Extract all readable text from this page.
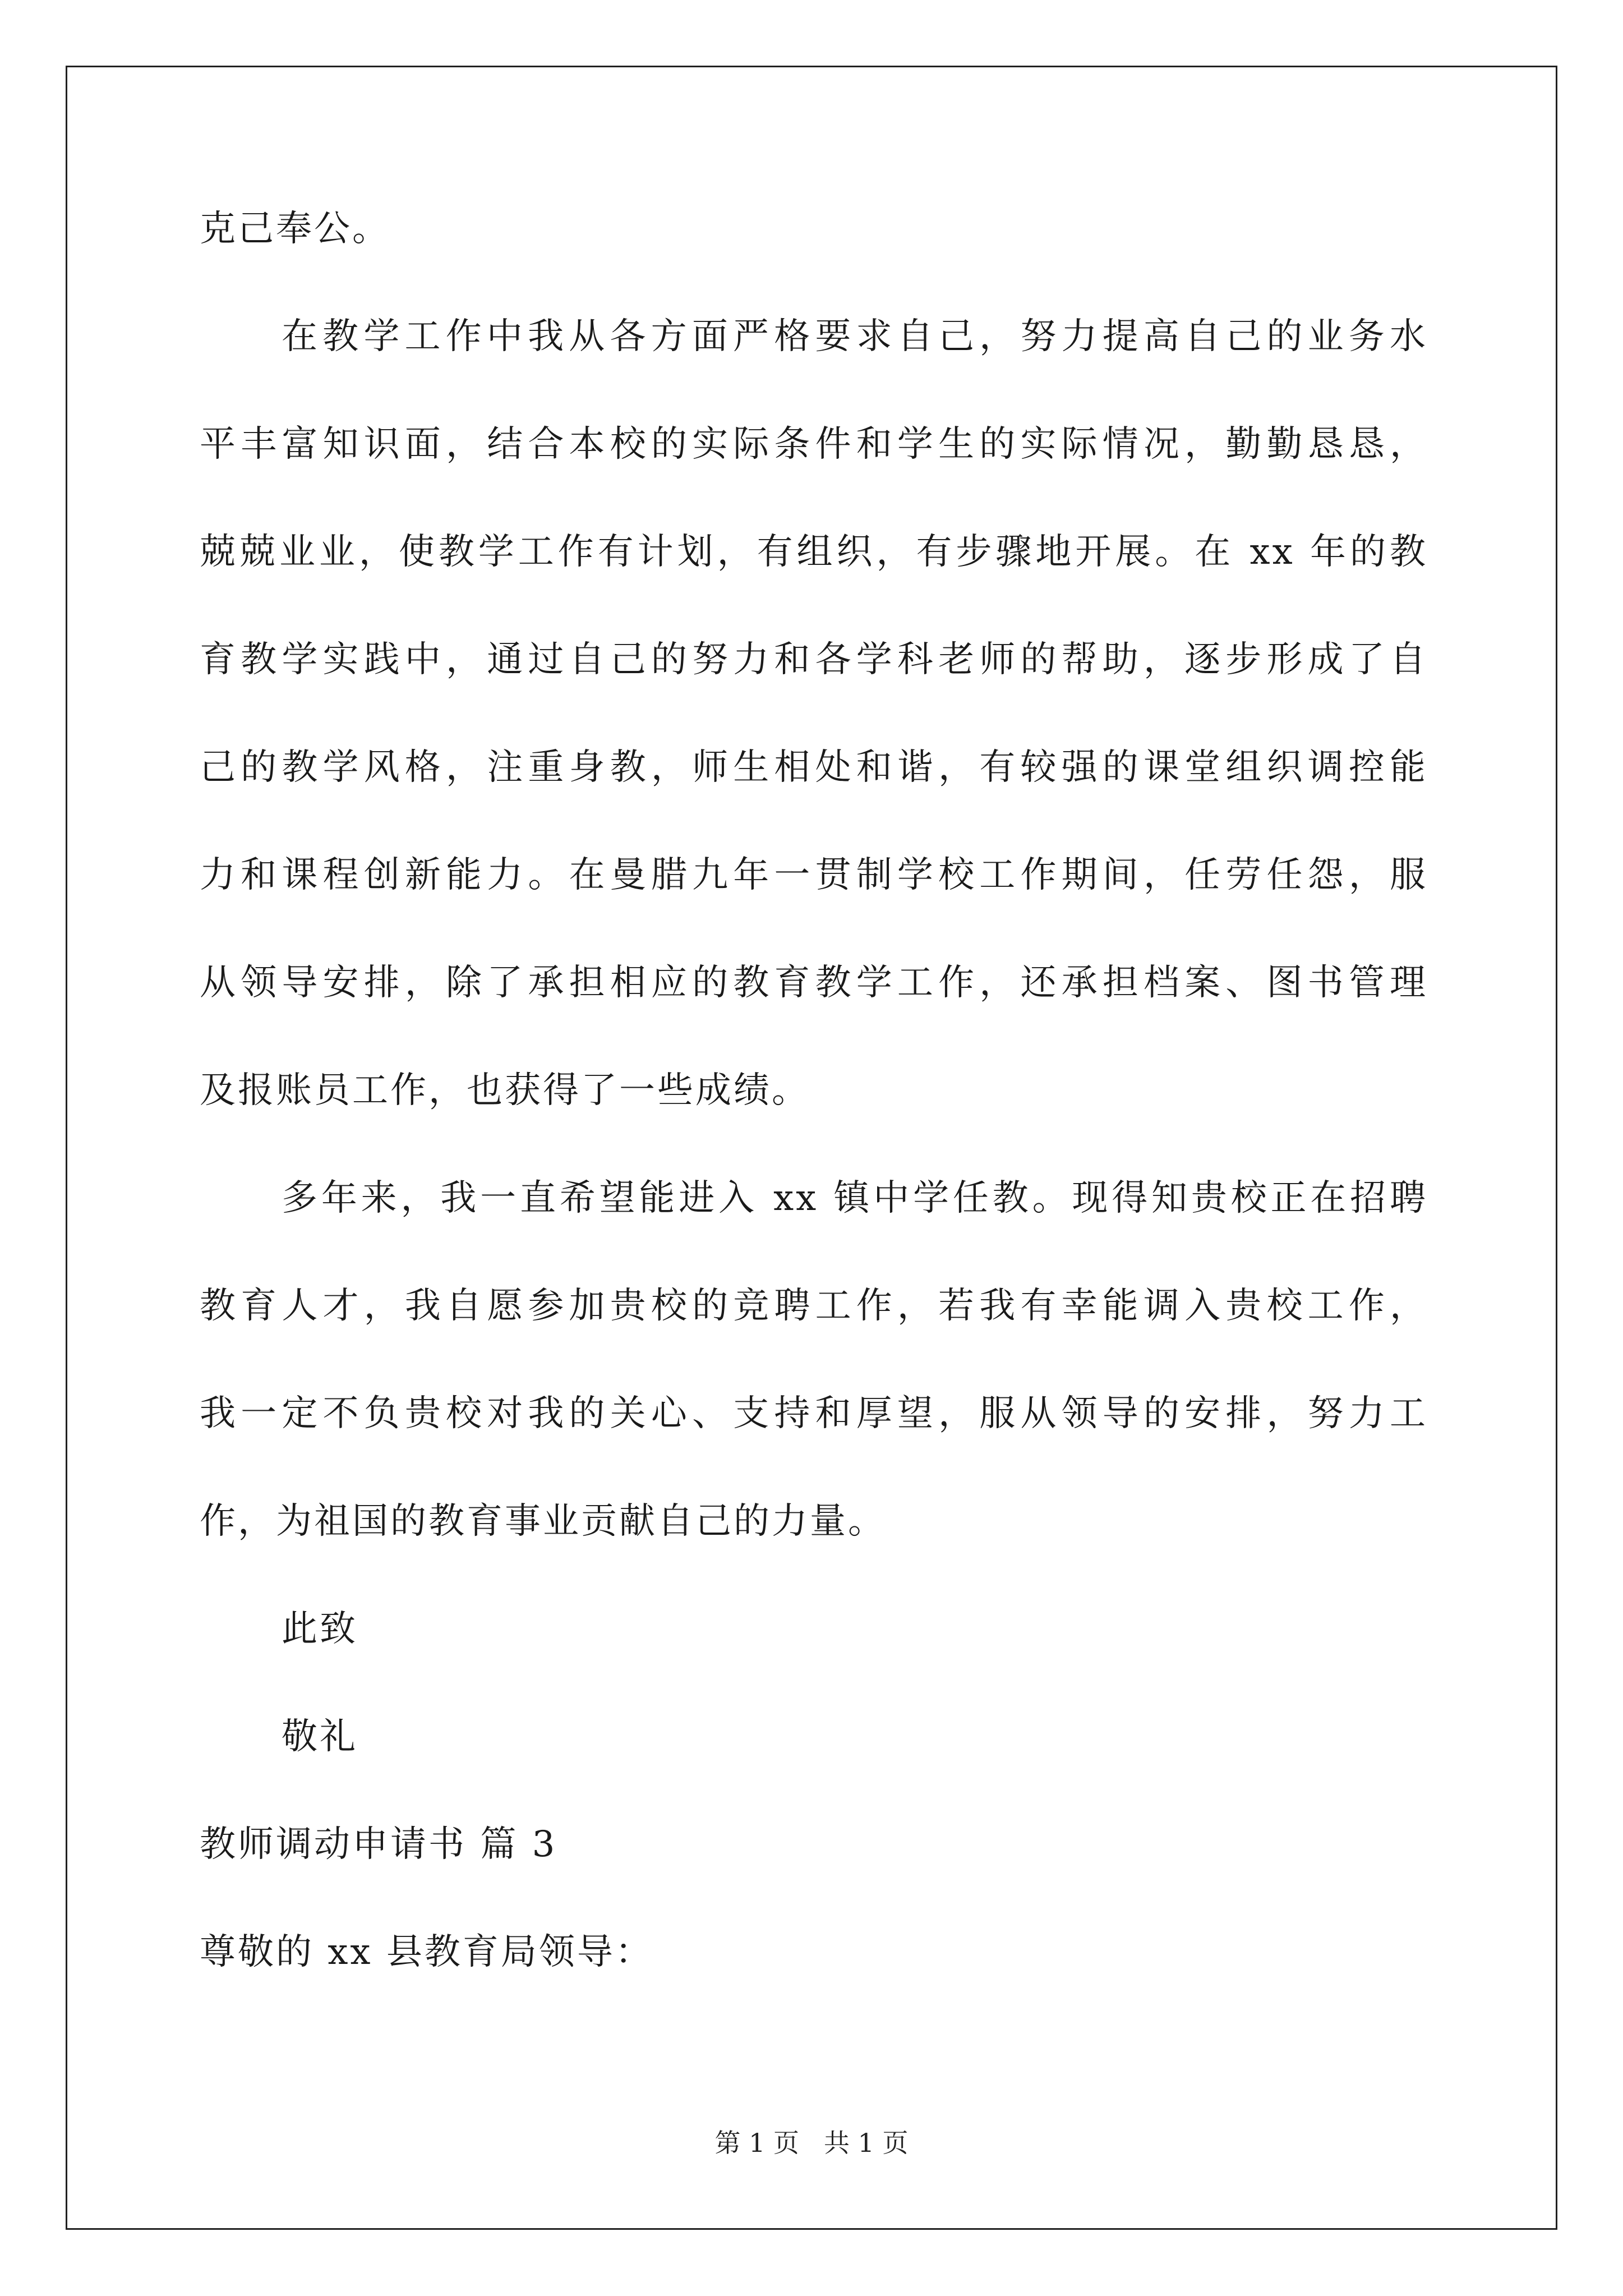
克己奉公。
在教学工作中我从各方面严格要求自己，努力提高自己的业务水
平丰富知识面，结合本校的实际条件和学生的实际情况，勤勤恳恳，
兢兢业业，使教学工作有计划，有组织，有步骤地开展。在 xx 年的教
育教学实践中，通过自己的努力和各学科老师的帮助，逐步形成了自
己的教学风格，注重身教，师生相处和谐，有较强的课堂组织调控能
力和课程创新能力。在曼腊九年一贯制学校工作期间，任劳任怨，服
从领导安排，除了承担相应的教育教学工作，还承担档案、图书管理
及报账员工作，也获得了一些成绩。
多年来，我一直希望能进入 xx 镇中学任教。现得知贵校正在招聘
教育人才，我自愿参加贵校的竞聘工作，若我有幸能调入贵校工作，
我一定不负贵校对我的关心、支持和厚望，服从领导的安排，努力工
作，为祖国的教育事业贡献自己的力量。
此致
敬礼
教师调动申请书 篇 3
尊敬的 xx 县教育局领导：
第 1 页 共 1 页
